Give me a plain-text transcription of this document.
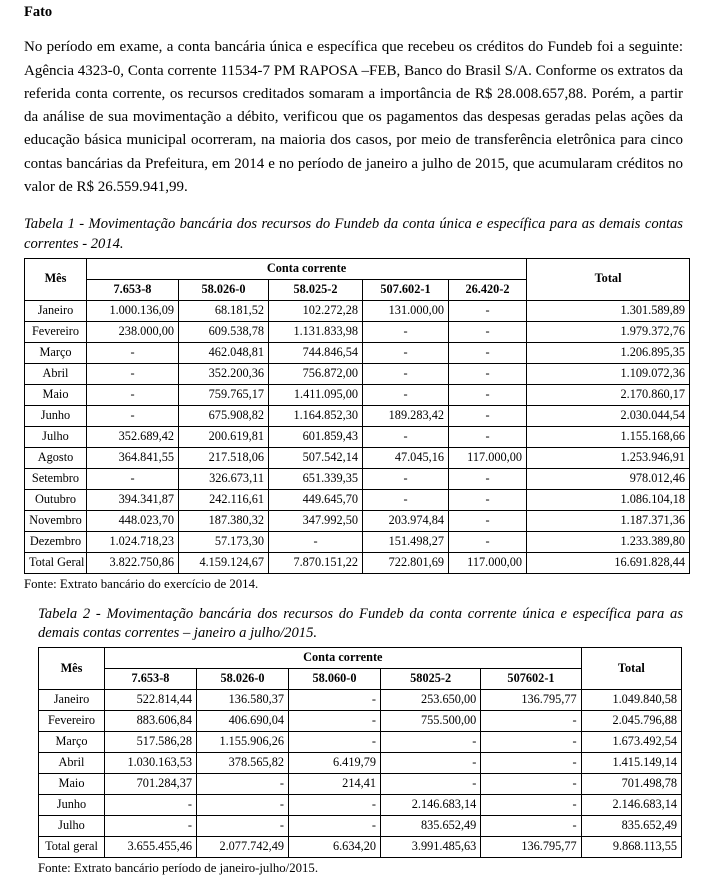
Fato

No período em exame, a conta bancária única e específica que recebeu os créditos do Fundeb foi a seguinte: Agência 4323-0, Conta corrente 11534-7 PM RAPOSA –FEB, Banco do Brasil S/A. Conforme os extratos da referida conta corrente, os recursos creditados somaram a importância de R$ 28.008.657,88. Porém, a partir da análise de sua movimentação a débito, verificou que os pagamentos das despesas geradas pelas ações da educação básica municipal ocorreram, na maioria dos casos, por meio de transferência eletrônica para cinco contas bancárias da Prefeitura, em 2014 e no período de janeiro a julho de 2015, que acumularam créditos no valor de R$ 26.559.941,99.

Tabela 1 - Movimentação bancária dos recursos do Fundeb da conta única e específica para as demais contas correntes - 2014.
Mês	Conta corrente					Total
	7.653-8	58.026-0	58.025-2	507.602-1	26.420-2	
Janeiro	1.000.136,09	68.181,52	102.272,28	131.000,00	-	1.301.589,89
Fevereiro	238.000,00	609.538,78	1.131.833,98	-	-	1.979.372,76
Março	-	462.048,81	744.846,54	-	-	1.206.895,35
Abril	-	352.200,36	756.872,00	-	-	1.109.072,36
Maio	-	759.765,17	1.411.095,00	-	-	2.170.860,17
Junho	-	675.908,82	1.164.852,30	189.283,42	-	2.030.044,54
Julho	352.689,42	200.619,81	601.859,43	-	-	1.155.168,66
Agosto	364.841,55	217.518,06	507.542,14	47.045,16	117.000,00	1.253.946,91
Setembro	-	326.673,11	651.339,35	-	-	978.012,46
Outubro	394.341,87	242.116,61	449.645,70	-	-	1.086.104,18
Novembro	448.023,70	187.380,32	347.992,50	203.974,84	-	1.187.371,36
Dezembro	1.024.718,23	57.173,30	-	151.498,27	-	1.233.389,80
Total Geral	3.822.750,86	4.159.124,67	7.870.151,22	722.801,69	117.000,00	16.691.828,44
Fonte: Extrato bancário do exercício de 2014.
Tabela 2 - Movimentação bancária dos recursos do Fundeb da conta corrente única e específica para as demais contas correntes – janeiro a julho/2015.
Mês	Conta corrente					Total
	7.653-8	58.026-0	58.060-0	58025-2	507602-1	
Janeiro	522.814,44	136.580,37	-	253.650,00	136.795,77	1.049.840,58
Fevereiro	883.606,84	406.690,04	-	755.500,00	-	2.045.796,88
Março	517.586,28	1.155.906,26	-	-	-	1.673.492,54
Abril	1.030.163,53	378.565,82	6.419,79	-	-	1.415.149,14
Maio	701.284,37	-	214,41	-	-	701.498,78
Junho	-	-	-	2.146.683,14	-	2.146.683,14
Julho	-	-	-	835.652,49	-	835.652,49
Total geral	3.655.455,46	2.077.742,49	6.634,20	3.991.485,63	136.795,77	9.868.113,55
Fonte: Extrato bancário período de janeiro-julho/2015.
